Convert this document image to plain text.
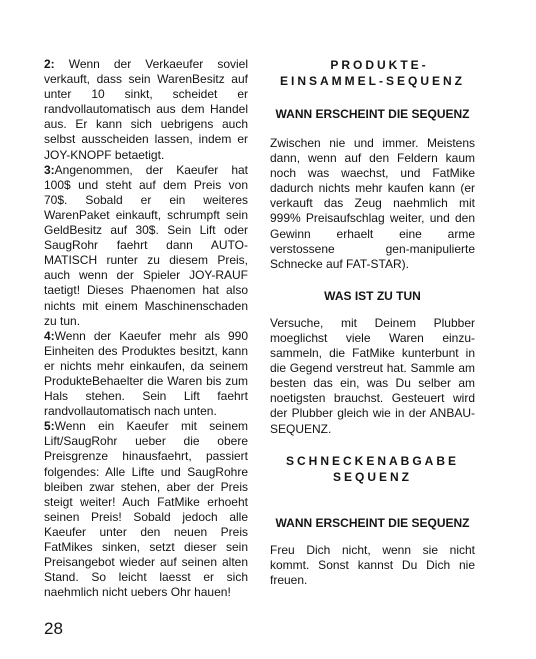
2: Wenn der Verkaeufer soviel verkauft, dass sein WarenBesitz auf unter 10 sinkt, scheidet er randvollautomatisch aus dem Handel aus. Er kann sich uebrigens auch selbst ausscheiden lassen, indem er JOY-KNOPF betaetigt.

3:Angenommen, der Kaeufer hat 100$ und steht auf dem Preis von 70$. Sobald er ein weiteres WarenPaket einkauft, schrumpft sein GeldBesitz auf 30$. Sein Lift oder SaugRohr faehrt dann AUTO-MATISCH runter zu diesem Preis, auch wenn der Spieler JOY-RAUF taetigt! Dieses Phaenomen hat also nichts mit einem Maschinenschaden zu tun.

4:Wenn der Kaeufer mehr als 990 Einheiten des Produktes besitzt, kann er nichts mehr einkaufen, da seinem ProdukteBehaelter die Waren bis zum Hals stehen. Sein Lift faehrt randvollautomatisch nach unten.

5:Wenn ein Kaeufer mit seinem Lift/SaugRohr ueber die obere Preisgrenze hinausfaehrt, passiert folgendes: Alle Lifte und SaugRohre bleiben zwar stehen, aber der Preis steigt weiter! Auch FatMike erhoeht seinen Preis! Sobald jedoch alle Kaeufer unter den neuen Preis FatMikes sinken, setzt dieser sein Preisangebot wieder auf seinen alten Stand. So leicht laesst er sich naehmlich nicht uebers Ohr hauen!

PRODUKTE-

EINSAMMEL-SEQUENZ

WANN ERSCHEINT DIE SEQUENZ

Zwischen nie und immer. Meistens dann, wenn auf den Feldern kaum noch was waechst, und FatMike dadurch nichts mehr kaufen kann (er verkauft das Zeug naehmlich mit 999% Preisaufschlag weiter, und den Gewinn erhaelt eine arme verstossene gen-manipulierte Schnecke auf FAT-STAR).

WAS IST ZU TUN

Versuche, mit Deinem Plubber moeglichst viele Waren einzu-sammeln, die FatMike kunterbunt in die Gegend verstreut hat. Sammle am besten das ein, was Du selber am noetigsten brauchst. Gesteuert wird der Plubber gleich wie in der ANBAU-SEQUENZ.

SCHNECKENABGABE

SEQUENZ

WANN ERSCHEINT DIE SEQUENZ

Freu Dich nicht, wenn sie nicht kommt. Sonst kannst Du Dich nie freuen.

28
